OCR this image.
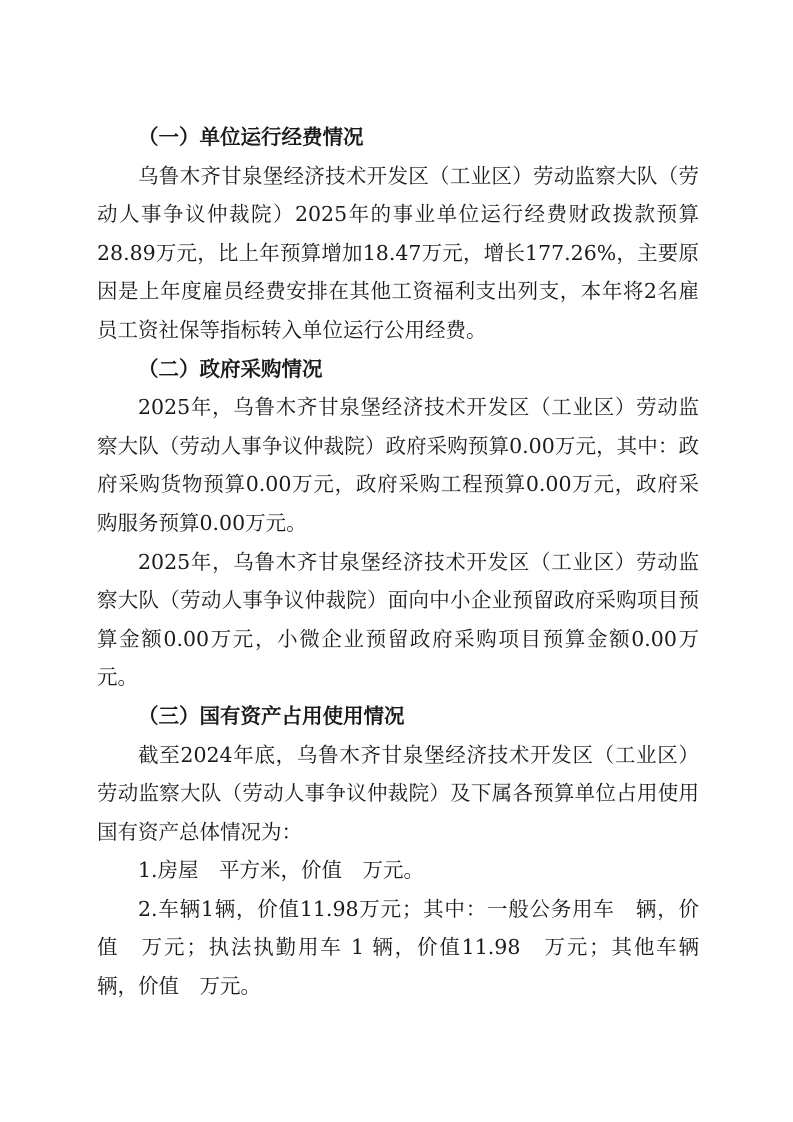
（一）单位运行经费情况

乌鲁木齐甘泉堡经济技术开发区（工业区）劳动监察大队（劳动人事争议仲裁院）2025年的事业单位运行经费财政拨款预算28.89万元，比上年预算增加18.47万元，增长177.26%，主要原因是上年度雇员经费安排在其他工资福利支出列支，本年将2名雇员工资社保等指标转入单位运行公用经费。

（二）政府采购情况

2025年，乌鲁木齐甘泉堡经济技术开发区（工业区）劳动监察大队（劳动人事争议仲裁院）政府采购预算0.00万元，其中：政府采购货物预算0.00万元，政府采购工程预算0.00万元，政府采购服务预算0.00万元。

2025年，乌鲁木齐甘泉堡经济技术开发区（工业区）劳动监察大队（劳动人事争议仲裁院）面向中小企业预留政府采购项目预算金额0.00万元，小微企业预留政府采购项目预算金额0.00万元。

（三）国有资产占用使用情况

截至2024年底，乌鲁木齐甘泉堡经济技术开发区（工业区）劳动监察大队（劳动人事争议仲裁院）及下属各预算单位占用使用国有资产总体情况为：

1.房屋　平方米，价值　万元。

2.车辆1辆，价值11.98万元；其中：一般公务用车　辆，价值　万元；执法执勤用车 1 辆，价值11.98　万元；其他车辆　辆，价值　万元。
